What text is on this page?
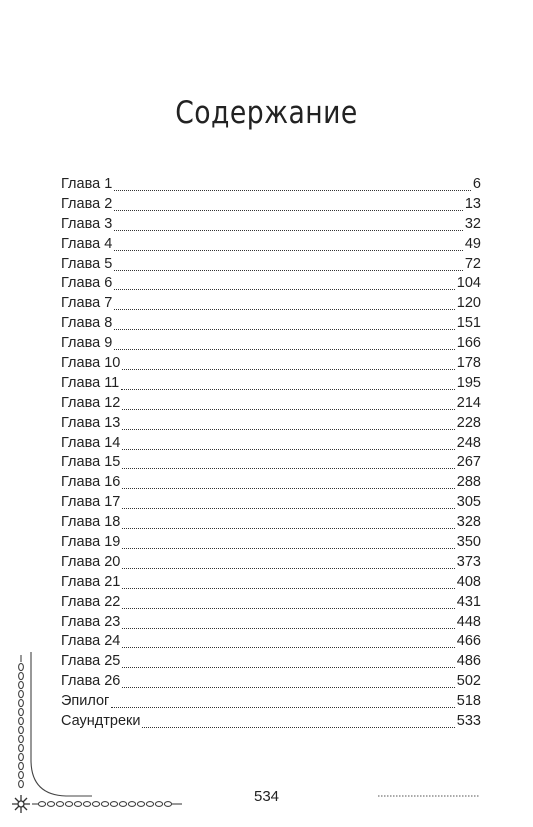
Содержание
Глава 1	6
Глава 2	13
Глава 3	32
Глава 4	49
Глава 5	72
Глава 6	104
Глава 7	120
Глава 8	151
Глава 9	166
Глава 10	178
Глава 11	195
Глава 12	214
Глава 13	228
Глава 14	248
Глава 15	267
Глава 16	288
Глава 17	305
Глава 18	328
Глава 19	350
Глава 20	373
Глава 21	408
Глава 22	431
Глава 23	448
Глава 24	466
Глава 25	486
Глава 26	502
Эпилог	518
Саундтреки	533
534
